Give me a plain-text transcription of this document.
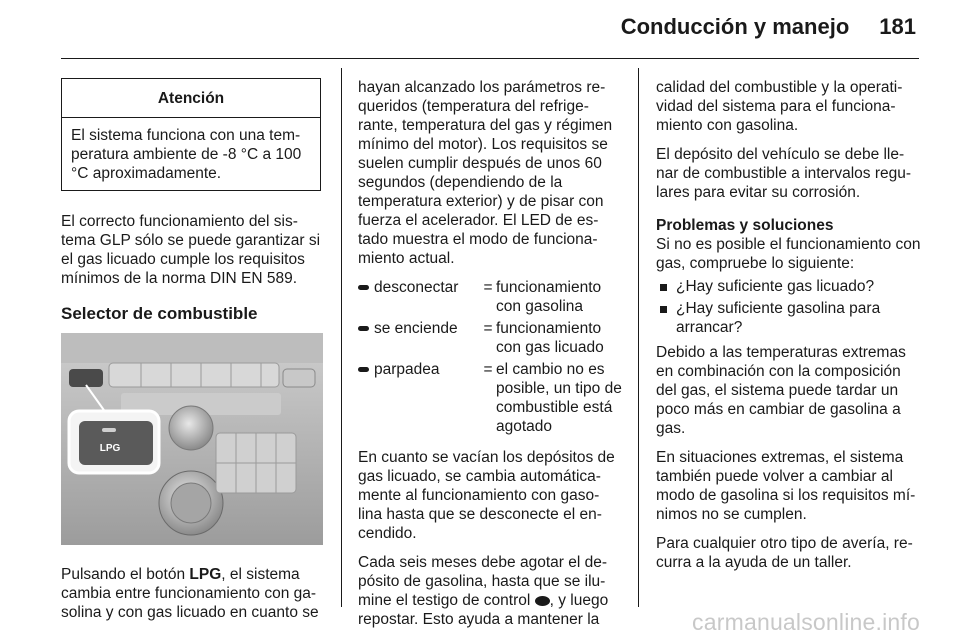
Conducción y manejo 181
Atención
El sistema funciona con una tem-peratura ambiente de -8 °C a 100 °C aproximadamente.

El correcto funcionamiento del sis-tema GLP sólo se puede garantizar si el gas licuado cumple los requisitos mínimos de la norma DIN EN 589.

Selector de combustible

LPG

Pulsando el botón LPG, el sistema cambia entre funcionamiento con ga-solina y con gas licuado en cuanto se

hayan alcanzado los parámetros re-queridos (temperatura del refrige-rante, temperatura del gas y régimen mínimo del motor). Los requisitos se suelen cumplir después de unos 60 segundos (dependiendo de la temperatura exterior) y de pisar con fuerza el acelerador. El LED de es-tado muestra el modo de funciona-miento actual.

desconectar = funcionamiento con gasolina
se enciende = funcionamiento con gas licuado
parpadea	= el cambio no es posible, un tipo de combustible está agotado

En cuanto se vacían los depósitos de gas licuado, se cambia automática-mente al funcionamiento con gaso-lina hasta que se desconecte el en-cendido.

Cada seis meses debe agotar el de-pósito de gasolina, hasta que se ilu-mine el testigo de control , y luego repostar. Esto ayuda a mantener la

calidad del combustible y la operati-vidad del sistema para el funciona-miento con gasolina.

El depósito del vehículo se debe lle-nar de combustible a intervalos regu-lares para evitar su corrosión.

Problemas y soluciones

Si no es posible el funcionamiento con gas, compruebe lo siguiente:

¿Hay suficiente gas licuado?
¿Hay suficiente gasolina para arrancar?

Debido a las temperaturas extremas en combinación con la composición del gas, el sistema puede tardar un poco más en cambiar de gasolina a gas.

En situaciones extremas, el sistema también puede volver a cambiar al modo de gasolina si los requisitos mí-nimos no se cumplen.

Para cualquier otro tipo de avería, re-curra a la ayuda de un taller.

carmanualsonline.info
